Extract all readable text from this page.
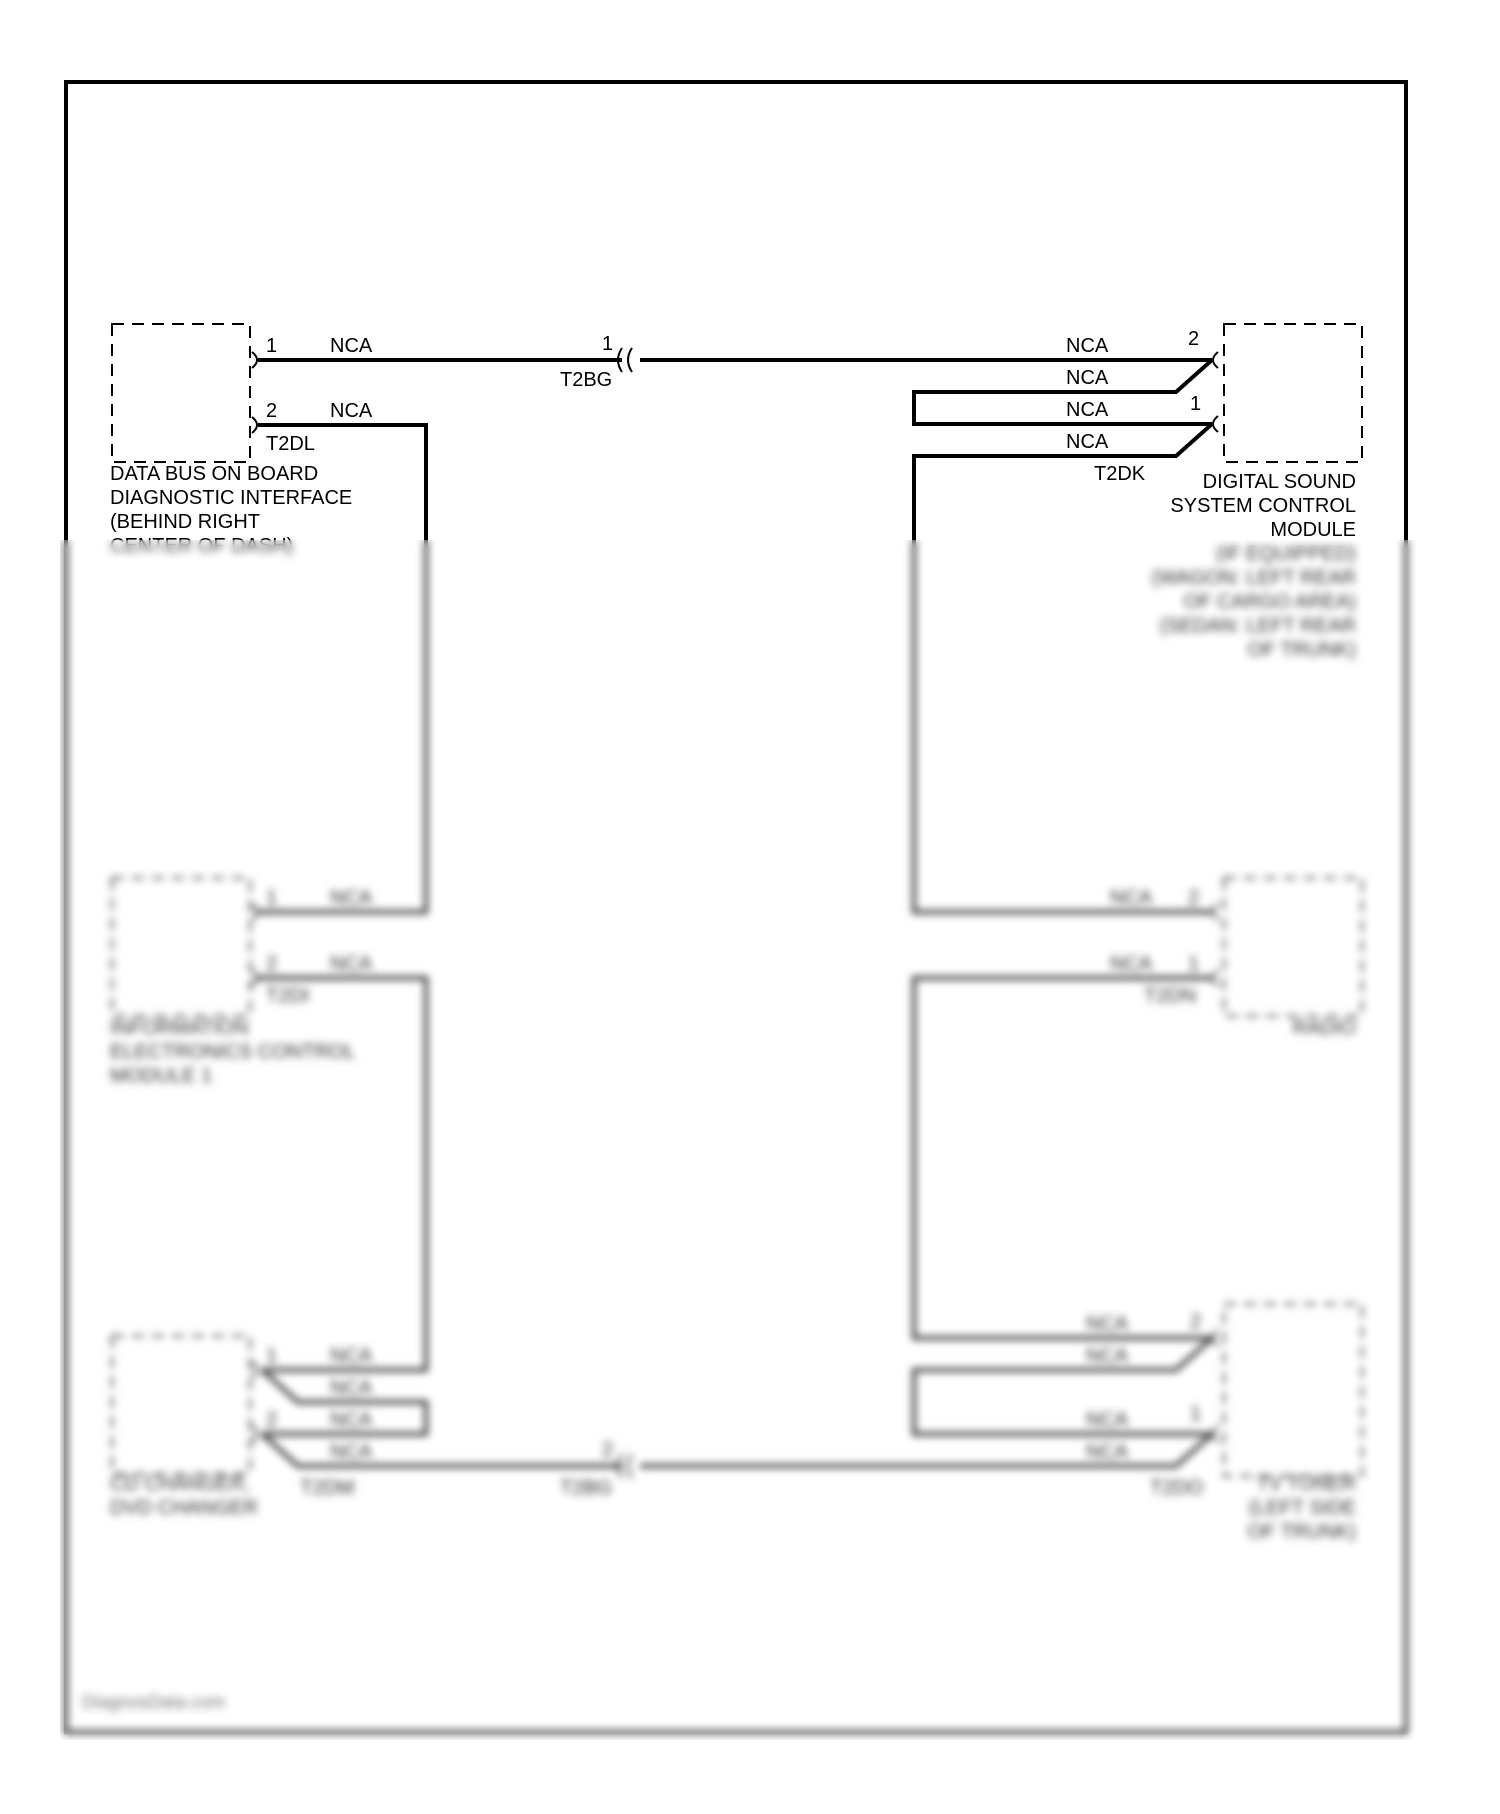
1	NCA	1
T2BG
2	NCA
T2DL
NCA	2
NCA
NCA	1
NCA
T2DK
DATA BUS ON BOARD
DIAGNOSTIC INTERFACE
(BEHIND RIGHT
CENTER OF DASH)
DIGITAL SOUND
SYSTEM CONTROL
MODULE
(IF EQUIPPED)
(WAGON: LEFT REAR
OF CARGO AREA)
(SEDAN: LEFT REAR
OF TRUNK)
1	NCA
2	NCA
T2DI
INFORMATION
ELECTRONICS CONTROL
MODULE 1
NCA 2
NCA 1
T2DN
RADIO
1	NCA
NCA
2	NCA
NCA
T2DM
2
T2BG
CD CHANGER,
DVD CHANGER
NCA	2
NCA
NCA	1
NCA
T2DO	TV TUNER
(LEFT SIDE
OF TRUNK)
DiagnosData.com
